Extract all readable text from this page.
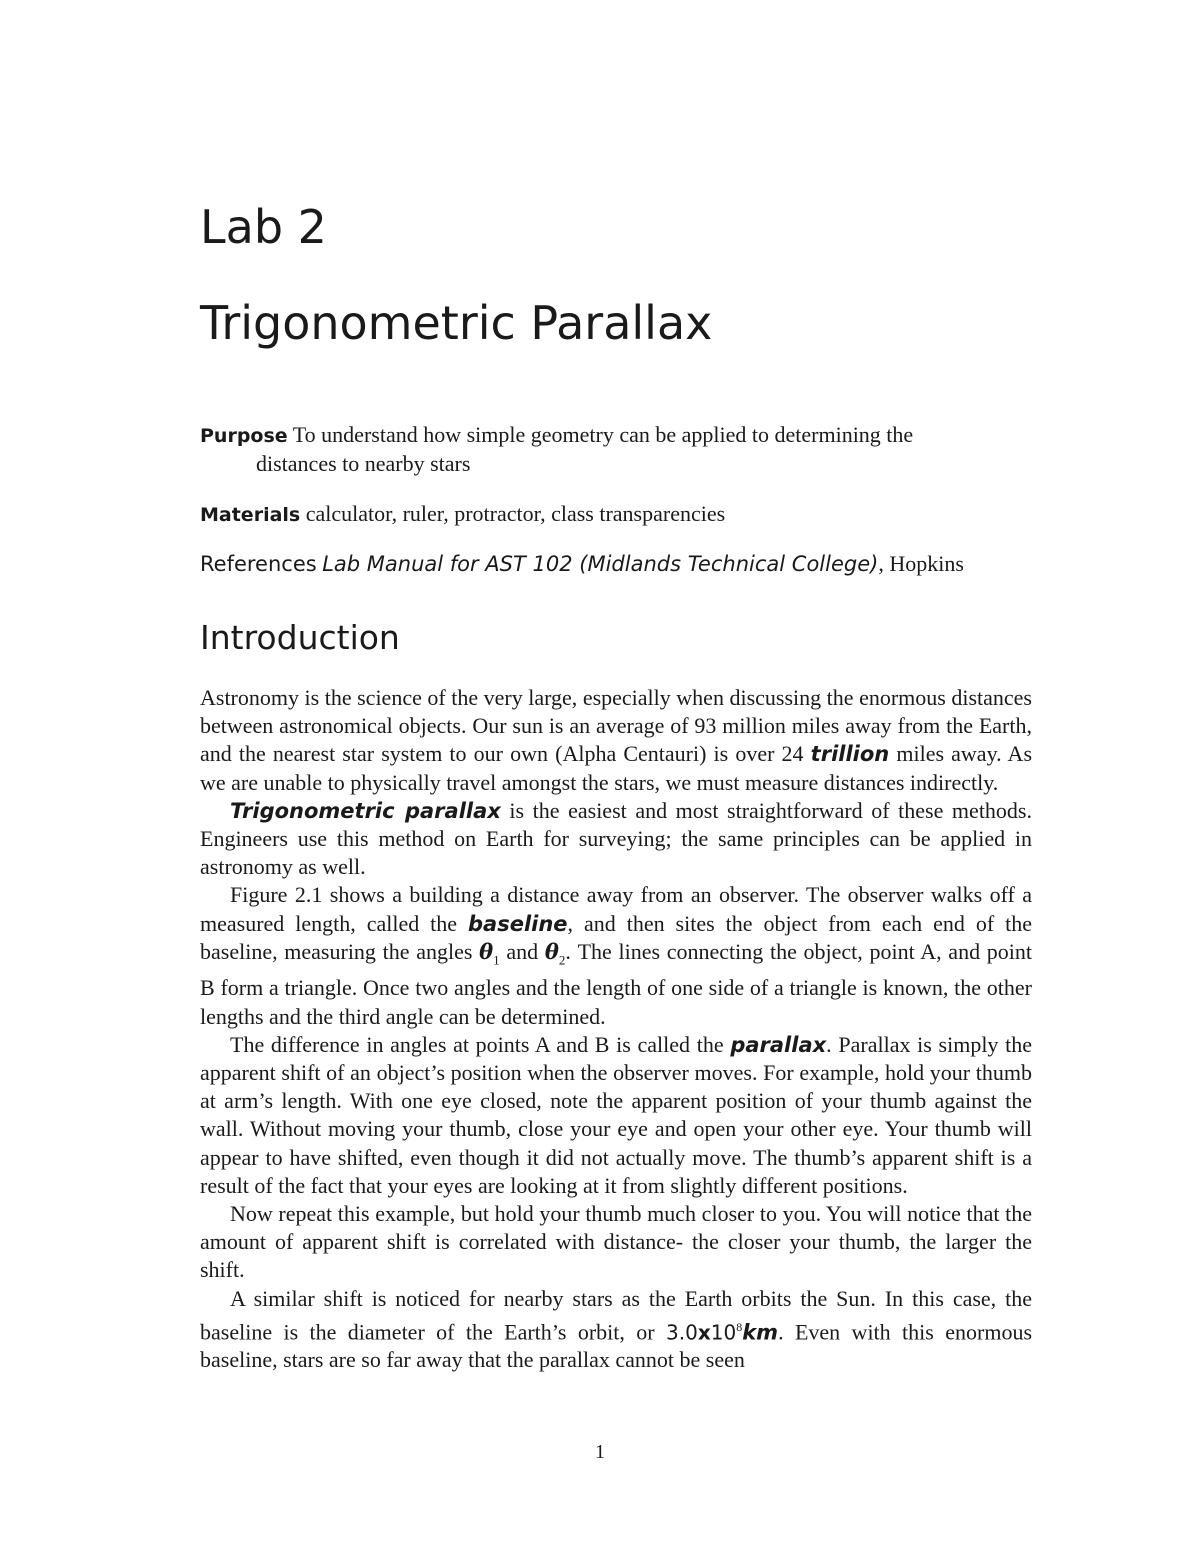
Lab 2
Trigonometric Parallax
Purpose To understand how simple geometry can be applied to determining the
distances to nearby stars
Materials calculator, ruler, protractor, class transparencies
References Lab Manual for AST 102 (Midlands Technical College), Hopkins
Introduction

Astronomy is the science of the very large, especially when discussing the enormous distances between astronomical objects. Our sun is an average of 93 million miles away from the Earth, and the nearest star system to our own (Alpha Centauri) is over 24 trillion miles away. As we are unable to physically travel amongst the stars, we must measure distances indirectly.

Trigonometric parallax is the easiest and most straightforward of these methods. Engineers use this method on Earth for surveying; the same principles can be applied in astronomy as well.

Figure 2.1 shows a building a distance away from an observer. The observer walks off a measured length, called the baseline, and then sites the object from each end of the baseline, measuring the angles $\theta_1$ and $\theta_2$. The lines connecting the object, point A, and point B form a triangle. Once two angles and the length of one side of a triangle is known, the other lengths and the third angle can be determined.

The difference in angles at points A and B is called the parallax. Parallax is simply the apparent shift of an object’s position when the observer moves. For example, hold your thumb at arm’s length. With one eye closed, note the apparent position of your thumb against the wall. Without moving your thumb, close your eye and open your other eye. Your thumb will appear to have shifted, even though it did not actually move. The thumb’s apparent shift is a result of the fact that your eyes are looking at it from slightly different positions.

Now repeat this example, but hold your thumb much closer to you. You will notice that the amount of apparent shift is correlated with distance- the closer your thumb, the larger the shift.

A similar shift is noticed for nearby stars as the Earth orbits the Sun. In this case, the baseline is the diameter of the Earth’s orbit, or $3.0x10^8km$. Even with this enormous baseline, stars are so far away that the parallax cannot be seen

1
